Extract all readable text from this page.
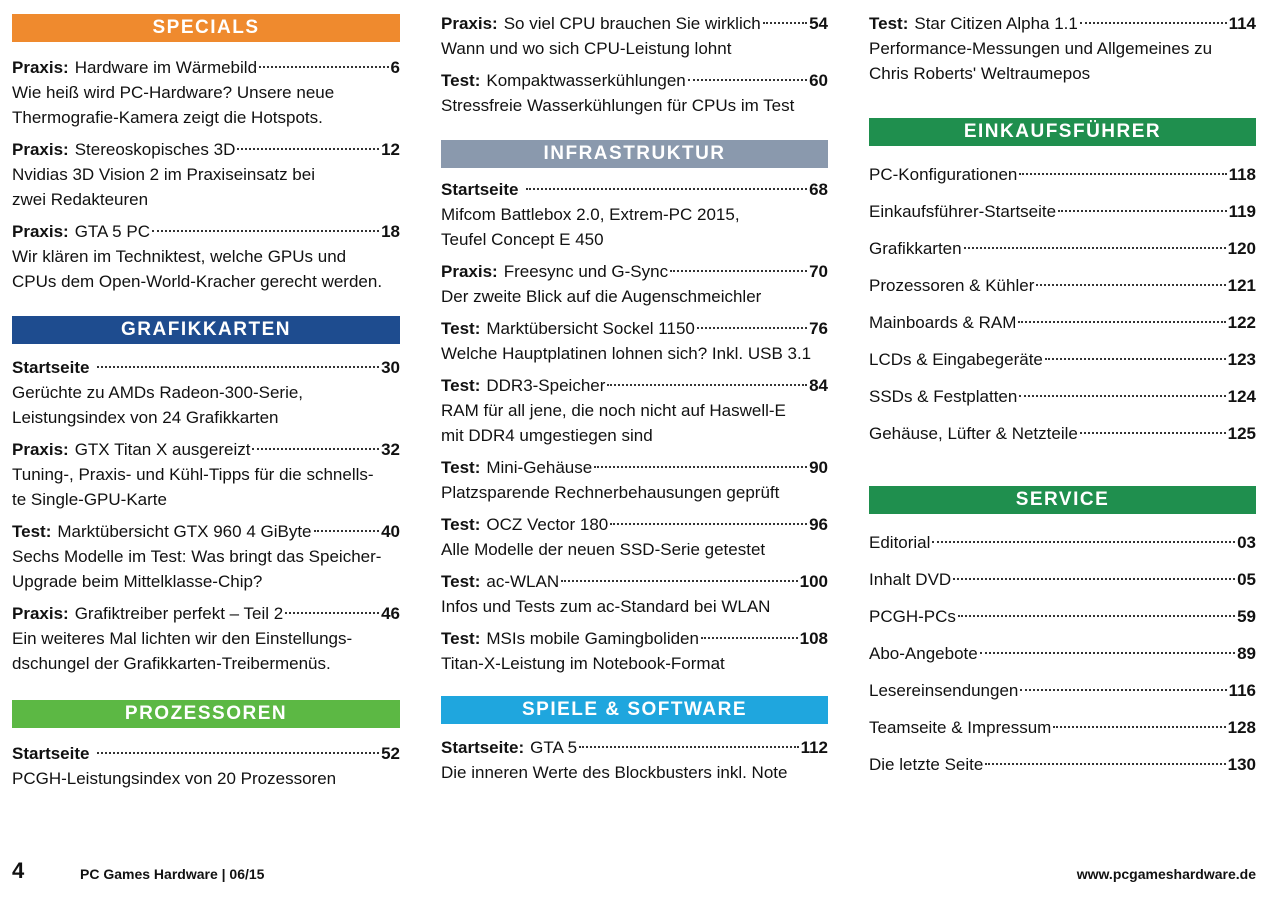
SPECIALS
Praxis: Hardware im Wärmebild	6
Wie heiß wird PC-Hardware? Unsere neue
Thermografie-Kamera zeigt die Hotspots.
Praxis: Stereoskopisches 3D	12
Nvidias 3D Vision 2 im Praxiseinsatz bei
zwei Redakteuren
Praxis: GTA 5 PC	18
Wir klären im Techniktest, welche GPUs und
CPUs dem Open-World-Kracher gerecht werden.
GRAFIKKARTEN
Startseite	30
Gerüchte zu AMDs Radeon-300-Serie,
Leistungsindex von 24 Grafikkarten
Praxis: GTX Titan X ausgereizt	32
Tuning-, Praxis- und Kühl-Tipps für die schnells-
te Single-GPU-Karte
Test: Marktübersicht GTX 960 4 GiByte	40
Sechs Modelle im Test: Was bringt das Speicher-
Upgrade beim Mittelklasse-Chip?
Praxis: Grafiktreiber perfekt – Teil 2	46
Ein weiteres Mal lichten wir den Einstellungs-
dschungel der Grafikkarten-Treibermenüs.
PROZESSOREN
Startseite	52
PCGH-Leistungsindex von 20 Prozessoren
Praxis: So viel CPU brauchen Sie wirklich	54
Wann und wo sich CPU-Leistung lohnt
Test: Kompaktwasserkühlungen	60
Stressfreie Wasserkühlungen für CPUs im Test
INFRASTRUKTUR
Startseite	68
Mifcom Battlebox 2.0, Extrem-PC 2015,
Teufel Concept E 450
Praxis: Freesync und G-Sync	70
Der zweite Blick auf die Augenschmeichler
Test: Marktübersicht Sockel 1150	76
Welche Hauptplatinen lohnen sich? Inkl. USB 3.1
Test: DDR3-Speicher	84
RAM für all jene, die noch nicht auf Haswell-E
mit DDR4 umgestiegen sind
Test: Mini-Gehäuse	90
Platzsparende Rechnerbehausungen geprüft
Test: OCZ Vector 180	96
Alle Modelle der neuen SSD-Serie getestet
Test: ac-WLAN	100
Infos und Tests zum ac-Standard bei WLAN
Test: MSIs mobile Gamingboliden	108
Titan-X-Leistung im Notebook-Format
SPIELE & SOFTWARE
Startseite: GTA 5	112
Die inneren Werte des Blockbusters inkl. Note
Test: Star Citizen Alpha 1.1	114
Performance-Messungen und Allgemeines zu
Chris Roberts' Weltraumepos
EINKAUFSFÜHRER
PC-Konfigurationen	118
Einkaufsführer-Startseite	119
Grafikkarten	120
Prozessoren & Kühler	121
Mainboards & RAM	122
LCDs & Eingabegeräte	123
SSDs & Festplatten	124
Gehäuse, Lüfter & Netzteile	125
SERVICE
Editorial	03
Inhalt DVD	05
PCGH-PCs	59
Abo-Angebote	89
Lesereinsendungen	116
Teamseite & Impressum	128
Die letzte Seite	130
4	PC Games Hardware | 06/15	www.pcgameshardware.de
